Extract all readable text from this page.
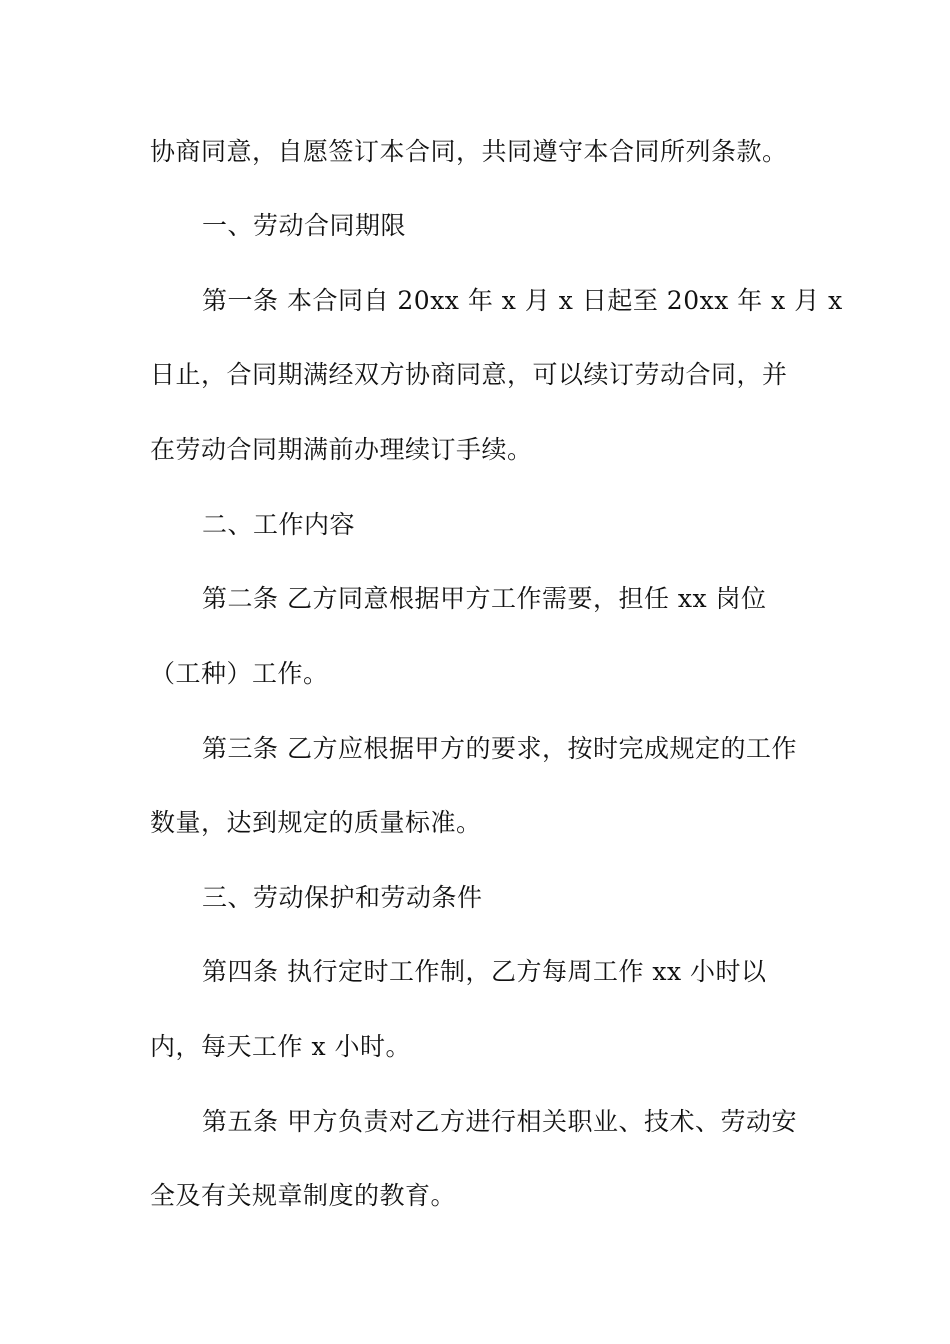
协商同意，自愿签订本合同，共同遵守本合同所列条款。
一、劳动合同期限
第一条 本合同自 20xx 年 x 月 x 日起至 20xx 年 x 月 x
日止，合同期满经双方协商同意，可以续订劳动合同，并
在劳动合同期满前办理续订手续。
二、工作内容
第二条 乙方同意根据甲方工作需要，担任 xx 岗位
（工种）工作。
第三条 乙方应根据甲方的要求，按时完成规定的工作
数量，达到规定的质量标准。
三、劳动保护和劳动条件
第四条 执行定时工作制，乙方每周工作 xx 小时以
内，每天工作 x 小时。
第五条 甲方负责对乙方进行相关职业、技术、劳动安
全及有关规章制度的教育。
